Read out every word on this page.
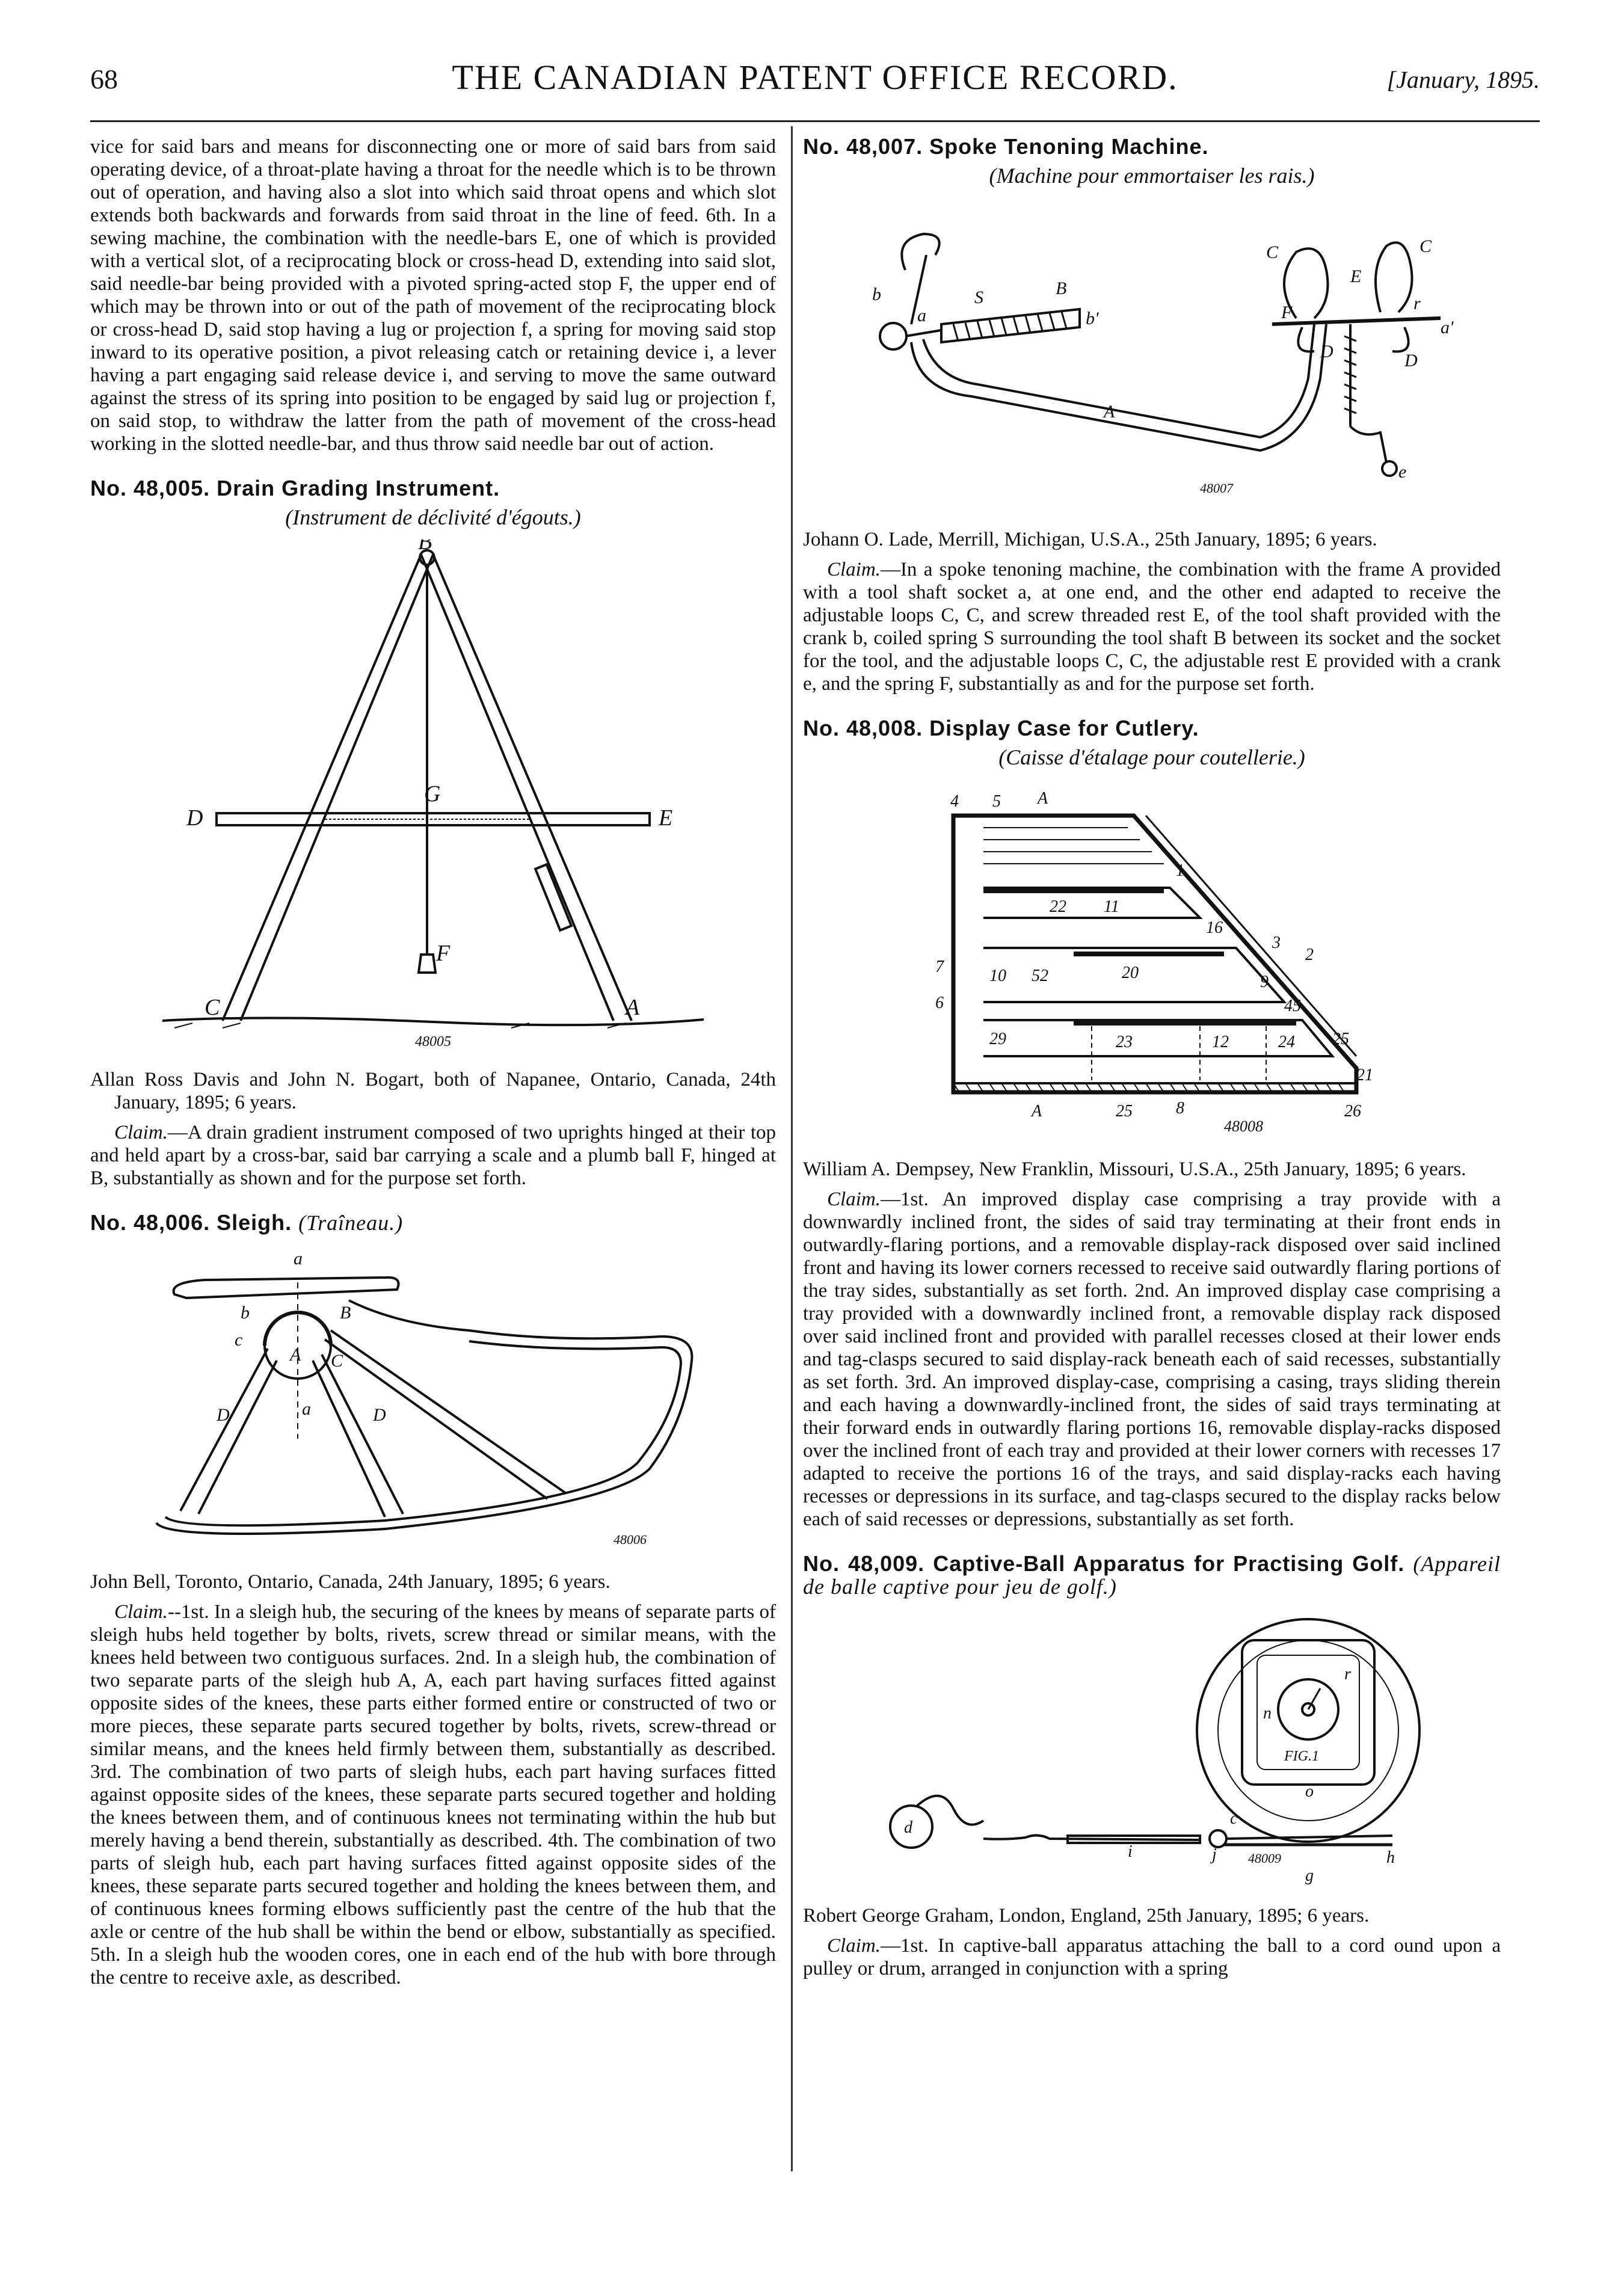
68	THE CANADIAN PATENT OFFICE RECORD.	[January, 1895.

vice for said bars and means for disconnecting one or more of said bars from said operating device, of a throat-plate having a throat for the needle which is to be thrown out of operation, and having also a slot into which said throat opens and which slot extends both backwards and forwards from said throat in the line of feed. 6th. In a sewing machine, the combination with the needle-bars E, one of which is provided with a vertical slot, of a reciprocating block or cross-head D, extending into said slot, said needle-bar being provided with a pivoted spring-acted stop F, the upper end of which may be thrown into or out of the path of movement of the reciprocating block or cross-head D, said stop having a lug or projection f, a spring for moving said stop inward to its operative position, a pivot releasing catch or retaining device i, a lever having a part engaging said release device i, and serving to move the same outward against the stress of its spring into position to be engaged by said lug or projection f, on said stop, to withdraw the latter from the path of movement of the cross-head working in the slotted needle-bar, and thus throw said needle bar out of action.

No. 48,005. Drain Grading Instrument.
(Instrument de déclivité d'égouts.)
B
G
D	E
F
C	A
48005

Allan Ross Davis and John N. Bogart, both of Napanee, Ontario, Canada, 24th January, 1895; 6 years.

Claim.—A drain gradient instrument composed of two uprights hinged at their top and held apart by a cross-bar, said bar carrying a scale and a plumb ball F, hinged at B, substantially as shown and for the purpose set forth.

No. 48,006. Sleigh. (Traîneau.)
a
b	B
c
A C
D	D
a
48006

John Bell, Toronto, Ontario, Canada, 24th January, 1895; 6 years.

Claim.--1st. In a sleigh hub, the securing of the knees by means of separate parts of sleigh hubs held together by bolts, rivets, screw thread or similar means, with the knees held between two contiguous surfaces. 2nd. In a sleigh hub, the combination of two separate parts of the sleigh hub A, A, each part having surfaces fitted against opposite sides of the knees, these parts either formed entire or constructed of two or more pieces, these separate parts secured together by bolts, rivets, screw-thread or similar means, and the knees held firmly between them, substantially as described. 3rd. The combination of two parts of sleigh hubs, each part having surfaces fitted against opposite sides of the knees, these separate parts secured together and holding the knees between them, and of continuous knees not terminating within the hub but merely having a bend therein, substantially as described. 4th. The combination of two parts of sleigh hub, each part having surfaces fitted against opposite sides of the knees, these separate parts secured together and holding the knees between them, and of continuous knees forming elbows sufficiently past the centre of the hub that the axle or centre of the hub shall be within the bend or elbow, substantially as specified. 5th. In a sleigh hub the wooden cores, one in each end of the hub with bore through the centre to receive axle, as described.

No. 48,007. Spoke Tenoning Machine.
(Machine pour emmortaiser les rais.)
b
a
S	B
b'
A
C	C
E
F	r
a'
D	D
e
48007

Johann O. Lade, Merrill, Michigan, U.S.A., 25th January, 1895; 6 years.

Claim.—In a spoke tenoning machine, the combination with the frame A provided with a tool shaft socket a, at one end, and the other end adapted to receive the adjustable loops C, C, and screw threaded rest E, of the tool shaft provided with the crank b, coiled spring S surrounding the tool shaft B between its socket and the socket for the tool, and the adjustable loops C, C, the adjustable rest E provided with a crank e, and the spring F, substantially as and for the purpose set forth.

No. 48,008. Display Case for Cutlery.
(Caisse d'étalage pour coutellerie.)
4 5 A
1
3
2
16
9
45
25
21
7
6
10 52
22 11
20
29	23	12	24
A	25	8	26
48008

William A. Dempsey, New Franklin, Missouri, U.S.A., 25th January, 1895; 6 years.

Claim.—1st. An improved display case comprising a tray provide with a downwardly inclined front, the sides of said tray terminating at their front ends in outwardly-flaring portions, and a removable display-rack disposed over said inclined front and having its lower corners recessed to receive said outwardly flaring portions of the tray sides, substantially as set forth. 2nd. An improved display case comprising a tray provided with a downwardly inclined front, a removable display rack disposed over said inclined front and provided with parallel recesses closed at their lower ends and tag-clasps secured to said display-rack beneath each of said recesses, substantially as set forth. 3rd. An improved display-case, comprising a casing, trays sliding therein and each having a downwardly-inclined front, the sides of said trays terminating at their forward ends in outwardly flaring portions 16, removable display-racks disposed over the inclined front of each tray and provided at their lower corners with recesses 17 adapted to receive the portions 16 of the trays, and said display-racks each having recesses or depressions in its surface, and tag-clasps secured to the display racks below each of said recesses or depressions, substantially as set forth.

No. 48,009. Captive-Ball Apparatus for Practising Golf. (Appareil de balle captive pour jeu de golf.)
d	c
i	j	h
g
o
n
r
FIG.1
48009

Robert George Graham, London, England, 25th January, 1895; 6 years.

Claim.—1st. In captive-ball apparatus attaching the ball to a cord ound upon a pulley or drum, arranged in conjunction with a spring
